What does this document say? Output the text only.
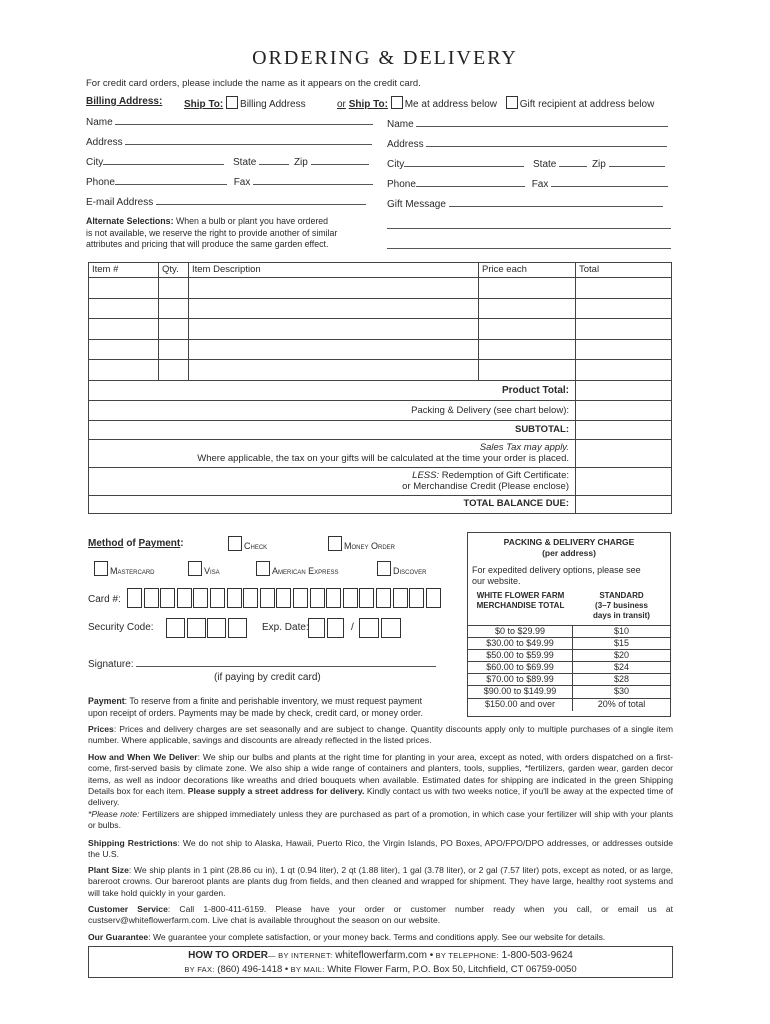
ORDERING & DELIVERY
For credit card orders, please include the name as it appears on the credit card.
Billing Address: Ship To: Billing Address
Name
Address
City	State	Zip
Phone	Fax
E-mail Address
or Ship To: Me at address below Gift recipient at address below
Name
Address
City	State	Zip
Phone	Fax
Gift Message
Alternate Selections: When a bulb or plant you have ordered
is not available, we reserve the right to provide another of similar
attributes and pricing that will produce the same garden effect.
Item #	Qty.	Item Description	Price each	Total
Product Total:
Packing & Delivery (see chart below):
SUBTOTAL:
Sales Tax may apply.
Where applicable, the tax on your gifts will be calculated at the time your order is placed.
LESS: Redemption of Gift Certificate:
or Merchandise Credit (Please enclose)
TOTAL BALANCE DUE:
Method of Payment:	Check	Money Order
Mastercard	Visa	American Express	Discover
Card #:
Security Code:	Exp. Date:	/
Signature:
(if paying by credit card)
Payment: To reserve from a finite and perishable inventory, we must request payment
upon receipt of orders. Payments may be made by check, credit card, or money order.
PACKING & DELIVERY CHARGE
(per address)
For expedited delivery options, please see
our website.
WHITE FLOWER FARM
MERCHANDISE TOTAL
STANDARD
(3–7 business
days in transit)
$0 to $29.99	$10
$30.00 to $49.99	$15
$50.00 to $59.99	$20
$60.00 to $69.99	$24
$70.00 to $89.99	$28
$90.00 to $149.99	$30
$150.00 and over	20% of total
Prices: Prices and delivery charges are set seasonally and are subject to change. Quantity discounts apply only to multiple purchases of a single item number. Where applicable, savings and discounts are already reflected in the listed prices.
How and When We Deliver: We ship our bulbs and plants at the right time for planting in your area, except as noted, with orders dispatched on a first-come, first-served basis by climate zone. We also ship a wide range of containers and planters, tools, supplies, *fertilizers, garden wear, garden decor items, as well as indoor decorations like wreaths and dried bouquets when available. Estimated dates for shipping are indicated in the green Shipping Details box for each item. Please supply a street address for delivery. Kindly contact us with two weeks notice, if you'll be away at the expected time of delivery.
*Please note: Fertilizers are shipped immediately unless they are purchased as part of a promotion, in which case your fertilizer will ship with your plants or bulbs.
Shipping Restrictions: We do not ship to Alaska, Hawaii, Puerto Rico, the Virgin Islands, PO Boxes, APO/FPO/DPO addresses, or addresses outside the U.S.
Plant Size: We ship plants in 1 pint (28.86 cu in), 1 qt (0.94 liter), 2 qt (1.88 liter), 1 gal (3.78 liter), or 2 gal (7.57 liter) pots, except as noted, or as large, bareroot crowns. Our bareroot plants are plants dug from fields, and then cleaned and wrapped for shipment. They have large, healthy root systems and will take hold quickly in your garden.
Customer Service: Call 1-800-411-6159. Please have your order or customer number ready when you call, or email us at custserv@whiteflowerfarm.com. Live chat is available throughout the season on our website.
Our Guarantee: We guarantee your complete satisfaction, or your money back. Terms and conditions apply. See our website for details.
HOW TO ORDER— BY INTERNET: whiteflowerfarm.com • BY TELEPHONE: 1-800-503-9624
BY FAX: (860) 496-1418 • BY MAIL: White Flower Farm, P.O. Box 50, Litchfield, CT 06759-0050
